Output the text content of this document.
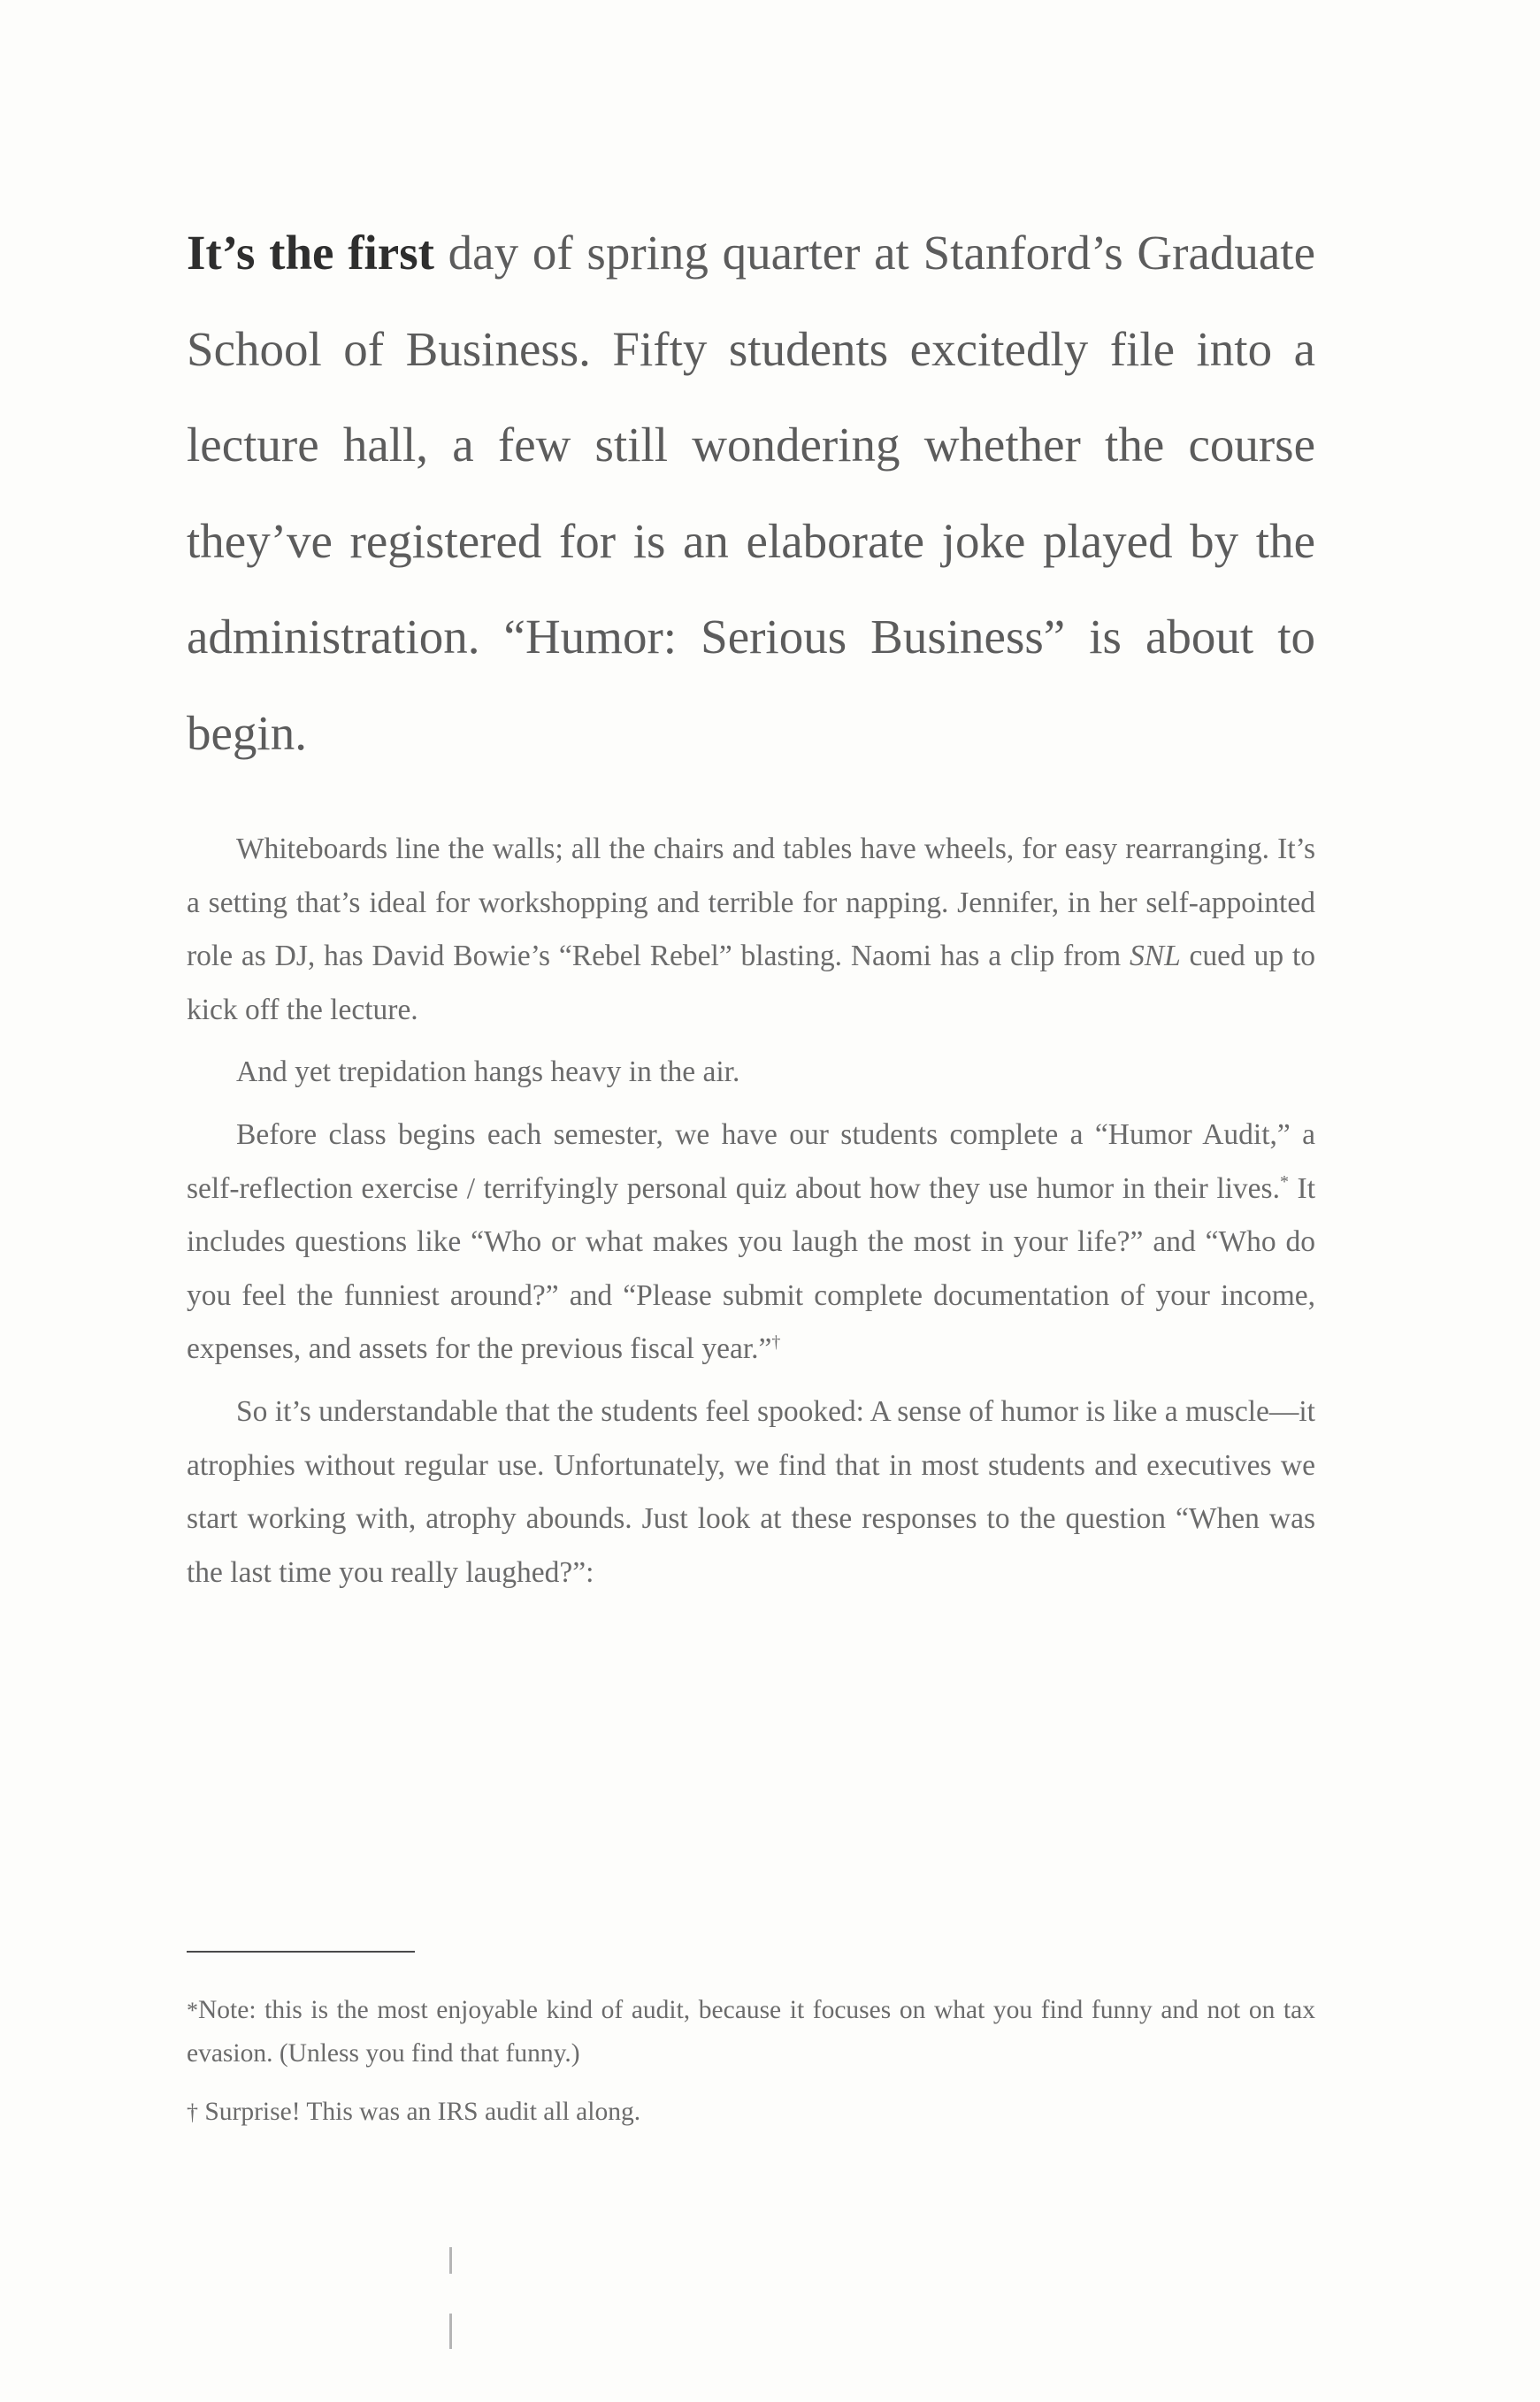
It’s the first day of spring quarter at Stanford’s Graduate School of Business. Fifty students excitedly file into a lecture hall, a few still wondering whether the course they’ve registered for is an elaborate joke played by the administration. “Humor: Serious Business” is about to begin.

Whiteboards line the walls; all the chairs and tables have wheels, for easy rearranging. It’s a setting that’s ideal for workshopping and terrible for napping. Jennifer, in her self-appointed role as DJ, has David Bowie’s “Rebel Rebel” blasting. Naomi has a clip from SNL cued up to kick off the lecture.

And yet trepidation hangs heavy in the air.

Before class begins each semester, we have our students complete a “Humor Audit,” a self-reflection exercise / terrifyingly personal quiz about how they use humor in their lives.* It includes questions like “Who or what makes you laugh the most in your life?” and “Who do you feel the funniest around?” and “Please submit complete documentation of your income, expenses, and assets for the previous fiscal year.”†

So it’s understandable that the students feel spooked: A sense of humor is like a muscle—it atrophies without regular use. Unfortunately, we find that in most students and executives we start working with, atrophy abounds. Just look at these responses to the question “When was the last time you really laughed?”:

*Note: this is the most enjoyable kind of audit, because it focuses on what you find funny and not on tax evasion. (Unless you find that funny.)

† Surprise! This was an IRS audit all along.
